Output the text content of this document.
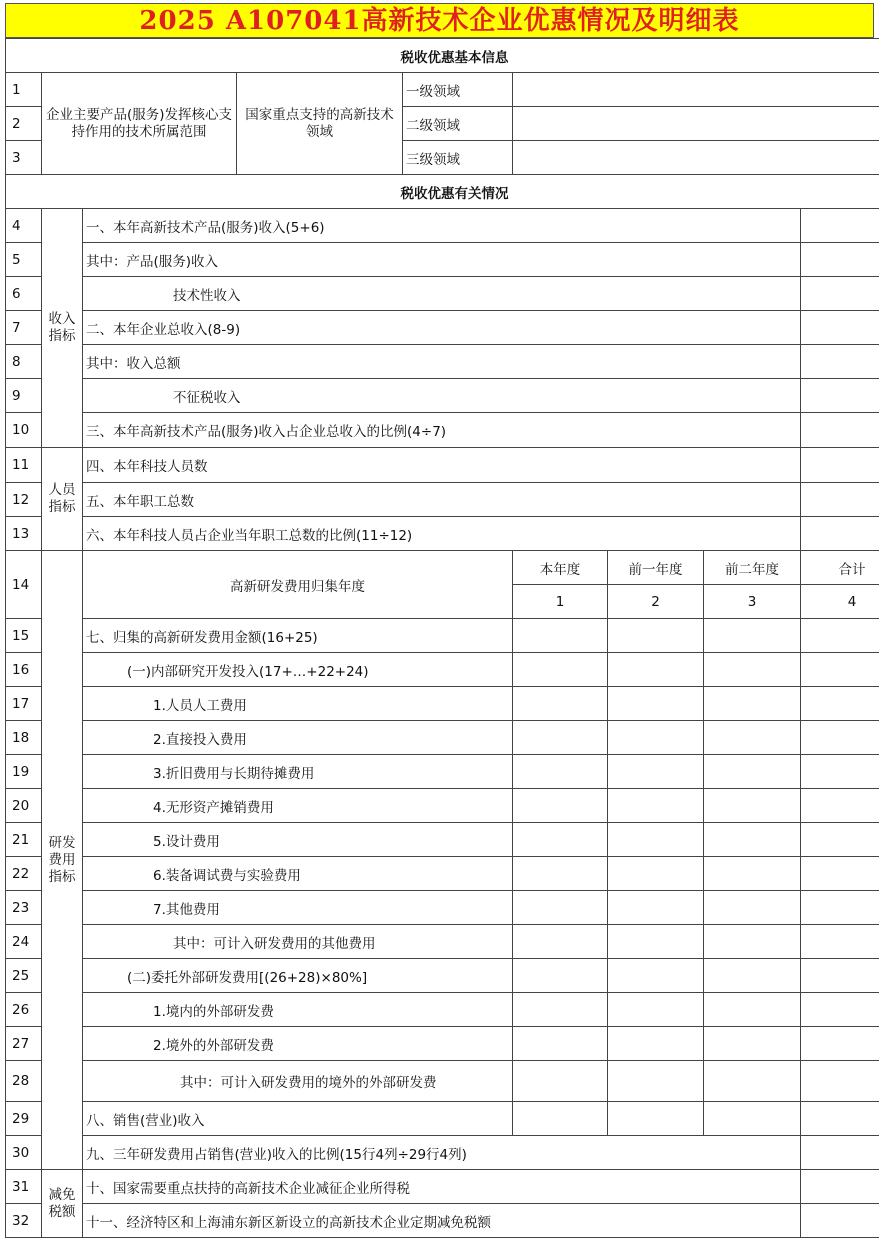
2025 A107041高新技术企业优惠情况及明细表
税收优惠基本信息								
1	企业主要产品(服务)发挥核心支持作用的技术所属范围		国家重点支持的高新技术领域	一级领域				
2				二级领域				
3				三级领域				
税收优惠有关情况								
4	收入指标	一、本年高新技术产品(服务)收入(5+6)						
5		其中：产品(服务)收入						
6		技术性收入						
7		二、本年企业总收入(8-9)						
8		其中：收入总额						
9		不征税收入						
10		三、本年高新技术产品(服务)收入占企业总收入的比例(4÷7)						
11	人员指标	四、本年科技人员数						
12		五、本年职工总数						
13		六、本年科技人员占企业当年职工总数的比例(11÷12)						
14	研发费用指标	高新研发费用归集年度			本年度	前一年度	前二年度	合计
					1	2	3	4
15		七、归集的高新研发费用金额(16+25)						
16		(一)内部研究开发投入(17+…+22+24)						
17		1.人员人工费用						
18		2.直接投入费用						
19		3.折旧费用与长期待摊费用						
20		4.无形资产摊销费用						
21		5.设计费用						
22		6.装备调试费与实验费用						
23		7.其他费用						
24		其中：可计入研发费用的其他费用						
25		(二)委托外部研发费用[(26+28)×80%]						
26		1.境内的外部研发费						
27		2.境外的外部研发费						
28		其中：可计入研发费用的境外的外部研发费						
29		八、销售(营业)收入						
30		九、三年研发费用占销售(营业)收入的比例(15行4列÷29行4列)						
31	减免税额	十、国家需要重点扶持的高新技术企业减征企业所得税						
32		十一、经济特区和上海浦东新区新设立的高新技术企业定期减免税额						
